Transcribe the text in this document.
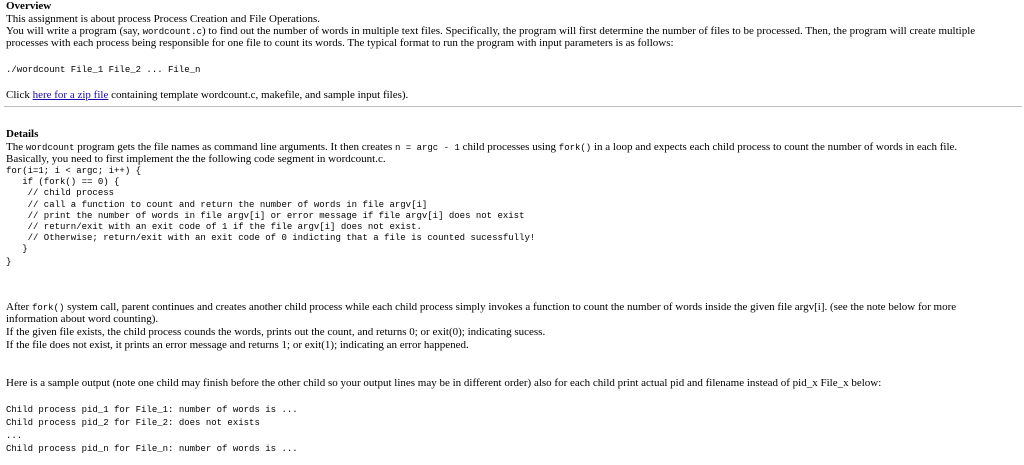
Overview
This assignment is about process Process Creation and File Operations.
You will write a program (say, wordcount.c) to find out the number of words in multiple text files. Specifically, the program will first determine the number of files to be processed. Then, the program will create multiple
processes with each process being responsible for one file to count its words. The typical format to run the program with input parameters is as follows:
./wordcount File_1 File_2 ... File_n
Click here for a zip file containing template wordcount.c, makefile, and sample input files).
Details
The wordcount program gets the file names as command line arguments. It then creates n = argc - 1 child processes using fork() in a loop and expects each child process to count the number of words in each file.
Basically, you need to first implement the the following code segment in wordcount.c.
for(i=1; i < argc; i++) {
if (fork() == 0) {
// child process
// call a function to count and return the number of words in file argv[i]
// print the number of words in file argv[i] or error message if file argv[i] does not exist
// return/exit with an exit code of 1 if the file argv[i] does not exist.
// Otherwise; return/exit with an exit code of 0 indicting that a file is counted sucessfully!
}
}
After fork() system call, parent continues and creates another child process while each child process simply invokes a function to count the number of words inside the given file argv[i]. (see the note below for more
information about word counting).
If the given file exists, the child process counds the words, prints out the count, and returns 0; or exit(0); indicating sucess.
If the file does not exist, it prints an error message and returns 1; or exit(1); indicating an error happened.
Here is a sample output (note one child may finish before the other child so your output lines may be in different order) also for each child print actual pid and filename instead of pid_x File_x below:
Child process pid_1 for File_1: number of words is ...
Child process pid_2 for File_2: does not exists
...
Child process pid_n for File_n: number of words is ...
